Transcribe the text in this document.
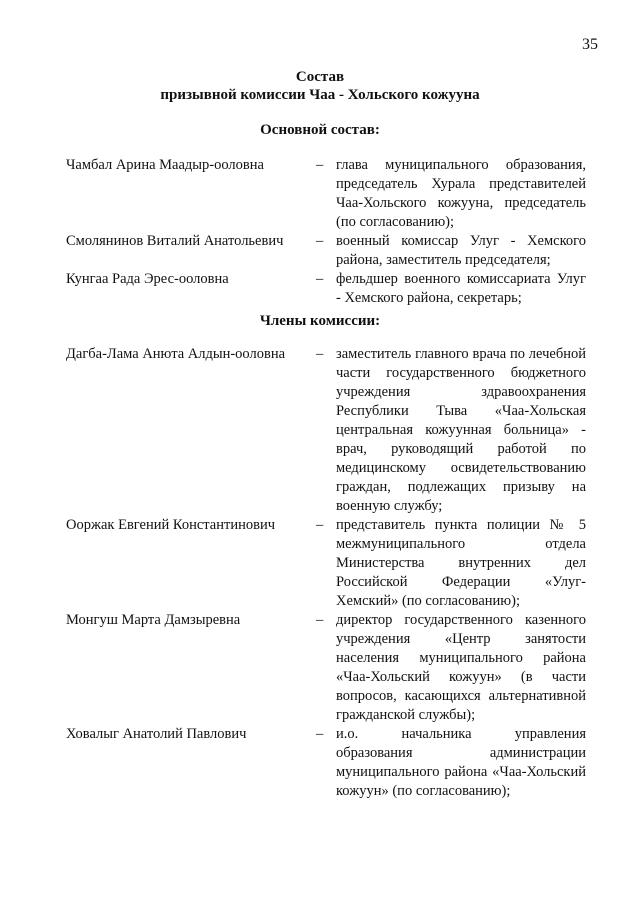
35
Состав
призывной комиссии Чаа - Хольского кожууна
Основной состав:
Чамбал Арина Маадыр-ооловна	– глава муниципального образования, председатель Хурала представителей Чаа-Хольского кожууна, председатель (по согласованию);
Смолянинов Виталий Анатольевич	– военный комиссар Улуг - Хемского района, заместитель председателя;
Кунгаа Рада Эрес-ооловна	– фельдшер военного комиссариата Улуг - Хемского района, секретарь;
Члены комиссии:
Дагба-Лама Анюта Алдын-ооловна	– заместитель главного врача по лечебной части государственного бюджетного учреждения здравоохранения Республики Тыва «Чаа-Хольская центральная кожуунная больница» - врач, руководящий работой по медицинскому освидетельствованию граждан, подлежащих призыву на военную службу;
Ооржак Евгений Константинович	– представитель пункта полиции № 5 межмуниципального отдела Министерства внутренних дел Российской Федерации «Улуг-Хемский» (по согласованию);
Монгуш Марта Дамзыревна	– директор государственного казенного учреждения «Центр занятости населения муниципального района «Чаа-Хольский кожуун» (в части вопросов, касающихся альтернативной гражданской службы);
Ховалыг Анатолий Павлович	– и.о. начальника управления образования администрации муниципального района «Чаа-Хольский кожуун» (по согласованию);
